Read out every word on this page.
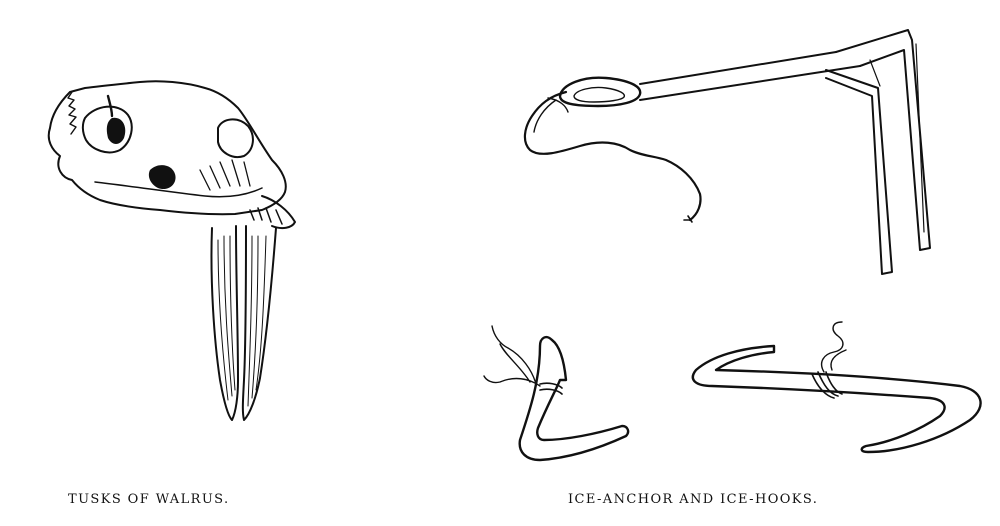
TUSKS OF WALRUS.	ICE-ANCHOR AND ICE-HOOKS.
